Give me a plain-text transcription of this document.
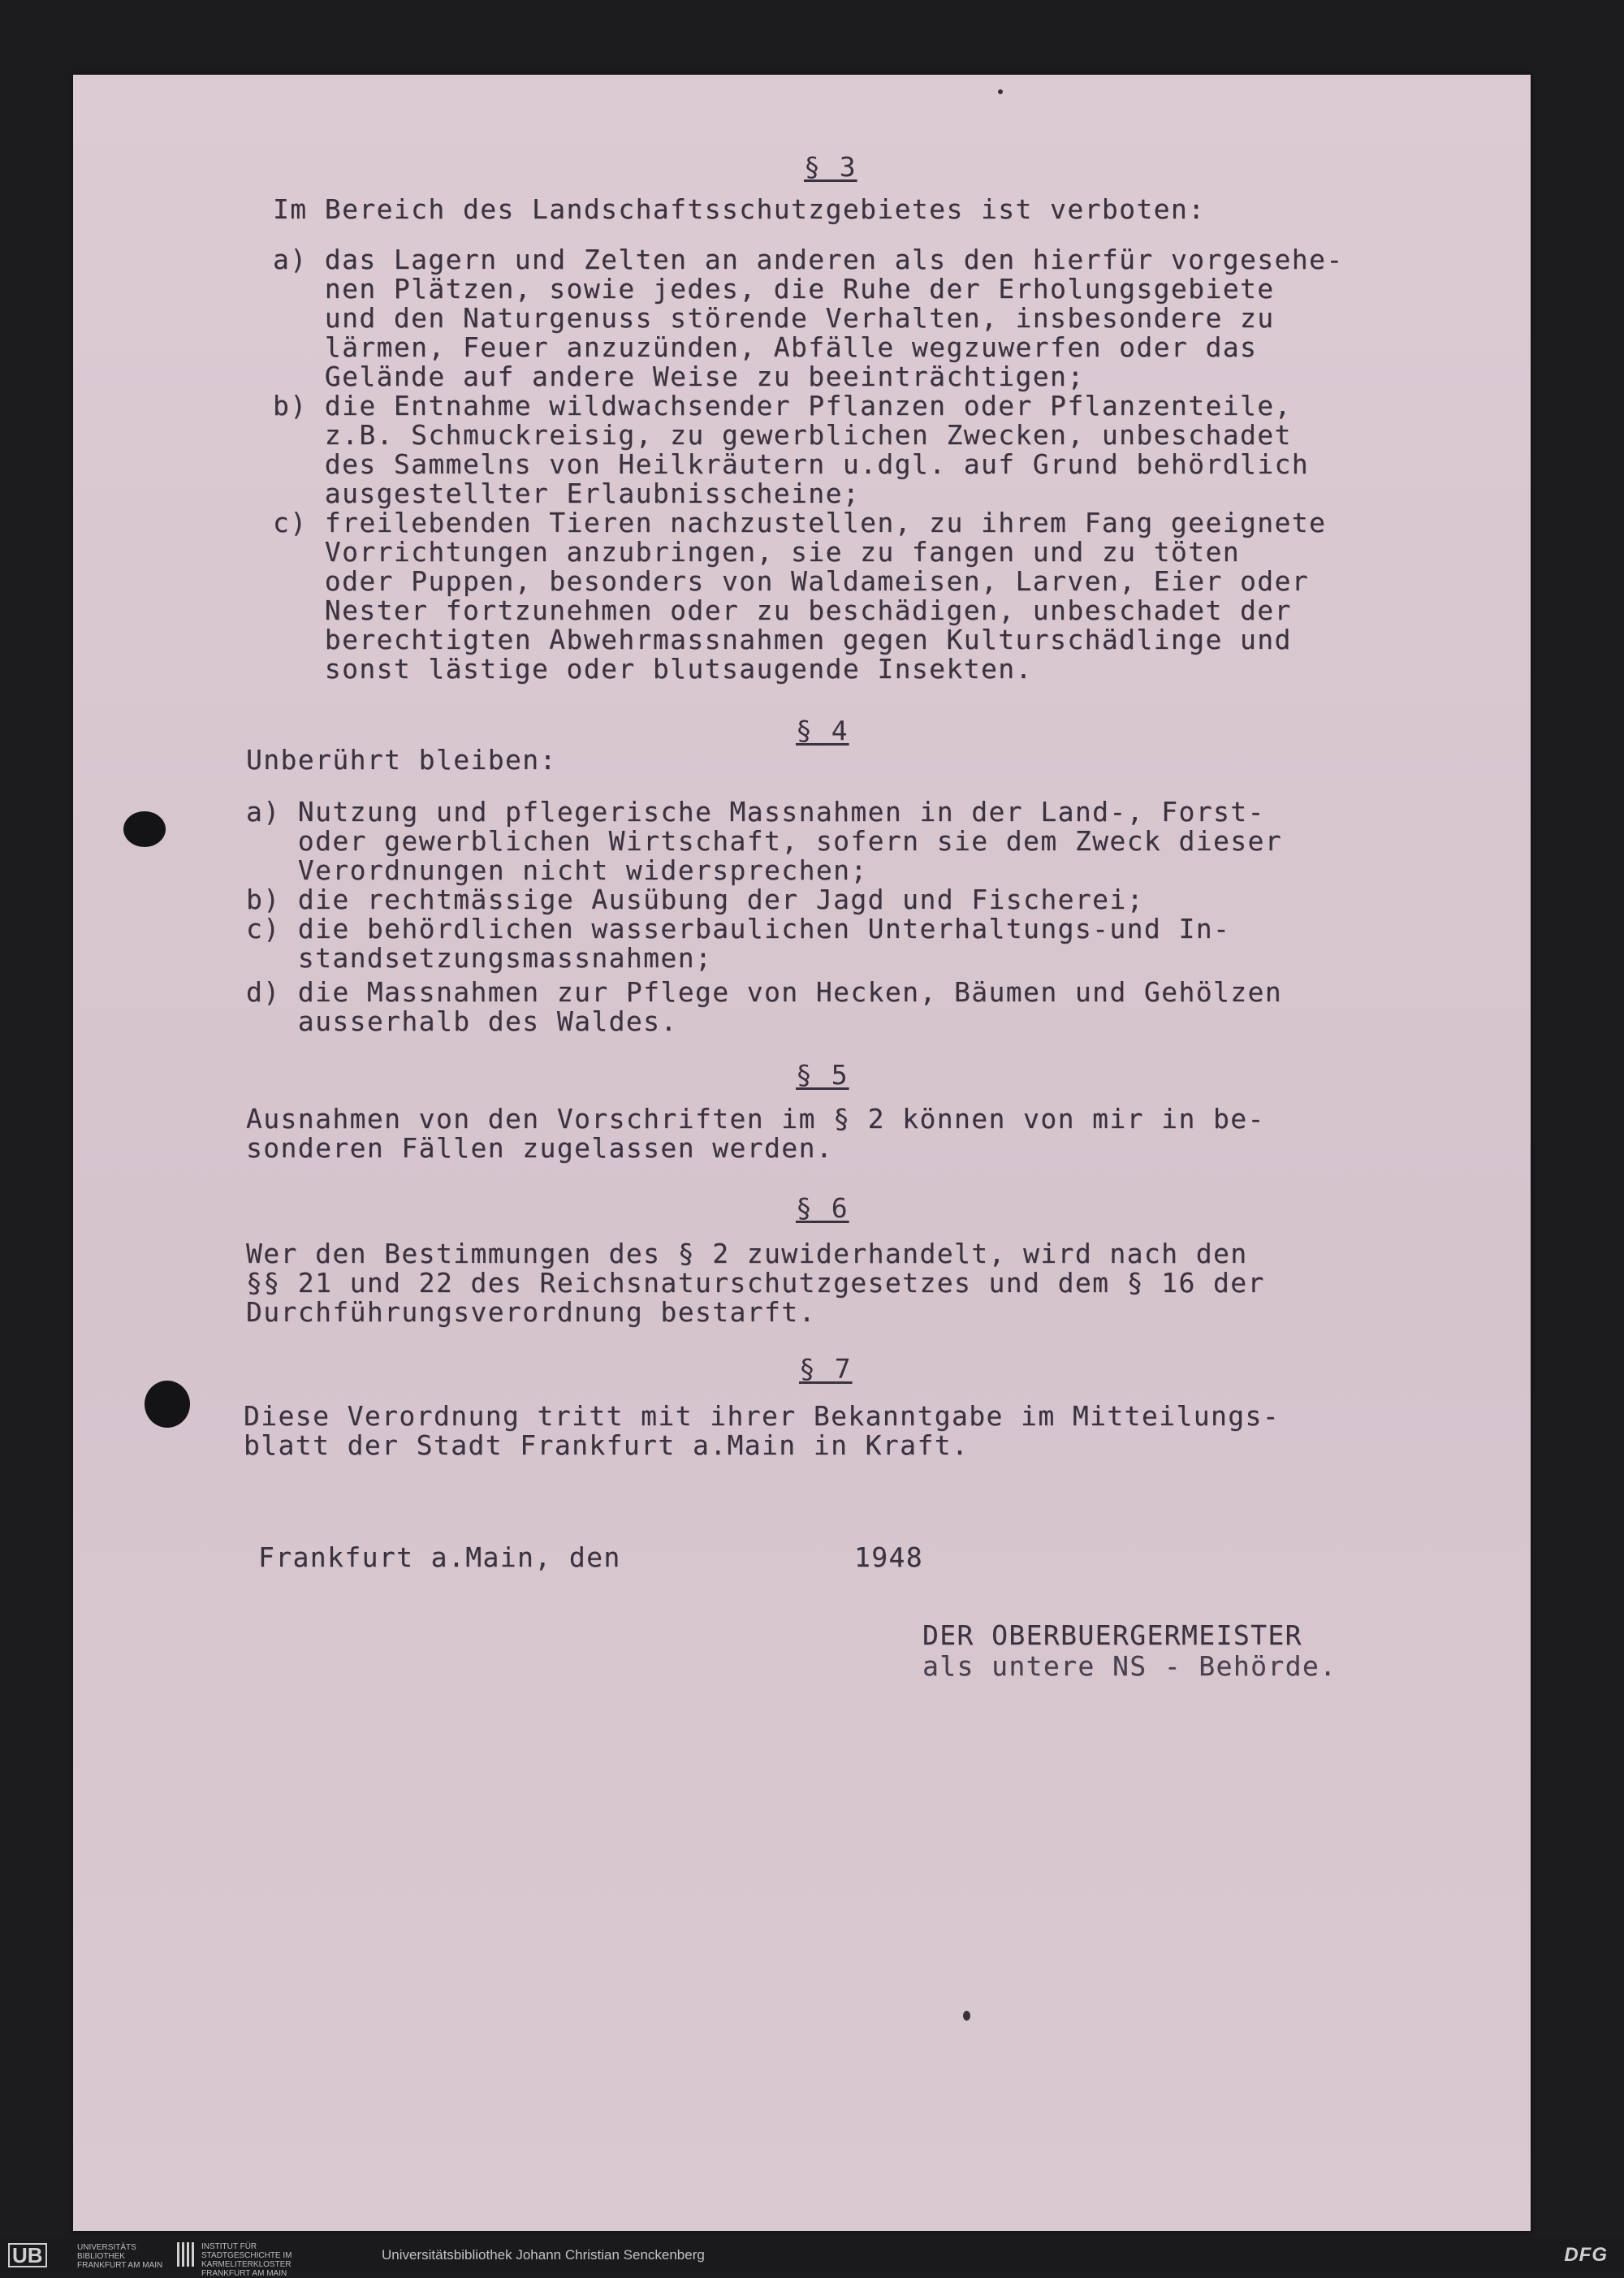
§ 3
Im Bereich des Landschaftsschutzgebietes ist verboten:
a) das Lagern und Zelten an anderen als den hierfür vorgesehe-
nen Plätzen, sowie jedes, die Ruhe der Erholungsgebiete
und den Naturgenuss störende Verhalten, insbesondere zu
lärmen, Feuer anzuzünden, Abfälle wegzuwerfen oder das
Gelände auf andere Weise zu beeinträchtigen;
b) die Entnahme wildwachsender Pflanzen oder Pflanzenteile,
z.B. Schmuckreisig, zu gewerblichen Zwecken, unbeschadet
des Sammelns von Heilkräutern u.dgl. auf Grund behördlich
ausgestellter Erlaubnisscheine;
c) freilebenden Tieren nachzustellen, zu ihrem Fang geeignete
Vorrichtungen anzubringen, sie zu fangen und zu töten
oder Puppen, besonders von Waldameisen, Larven, Eier oder
Nester fortzunehmen oder zu beschädigen, unbeschadet der
berechtigten Abwehrmassnahmen gegen Kulturschädlinge und
sonst lästige oder blutsaugende Insekten.
§ 4
Unberührt bleiben:
a) Nutzung und pflegerische Massnahmen in der Land-, Forst-
oder gewerblichen Wirtschaft, sofern sie dem Zweck dieser
Verordnungen nicht widersprechen;
b) die rechtmässige Ausübung der Jagd und Fischerei;
c) die behördlichen wasserbaulichen Unterhaltungs-und In-
standsetzungsmassnahmen;
d) die Massnahmen zur Pflege von Hecken, Bäumen und Gehölzen
ausserhalb des Waldes.
§ 5
Ausnahmen von den Vorschriften im § 2 können von mir in be-
sonderen Fällen zugelassen werden.
§ 6
Wer den Bestimmungen des § 2 zuwiderhandelt, wird nach den
§§ 21 und 22 des Reichsnaturschutzgesetzes und dem § 16 der
Durchführungsverordnung bestarft.
§ 7
Diese Verordnung tritt mit ihrer Bekanntgabe im Mitteilungs-
blatt der Stadt Frankfurt a.Main in Kraft.
Frankfurt a.Main, den	1948
DER OBERBUERGERMEISTER
als untere NS - Behörde.
UB	UNIVERSITÄTS BIBLIOTHEK FRANKFURT AM MAIN
INSTITUT FÜR STADTGESCHICHTE IM KARMELITERKLOSTER FRANKFURT AM MAIN
Universitätsbibliothek Johann Christian Senckenberg	DFG
